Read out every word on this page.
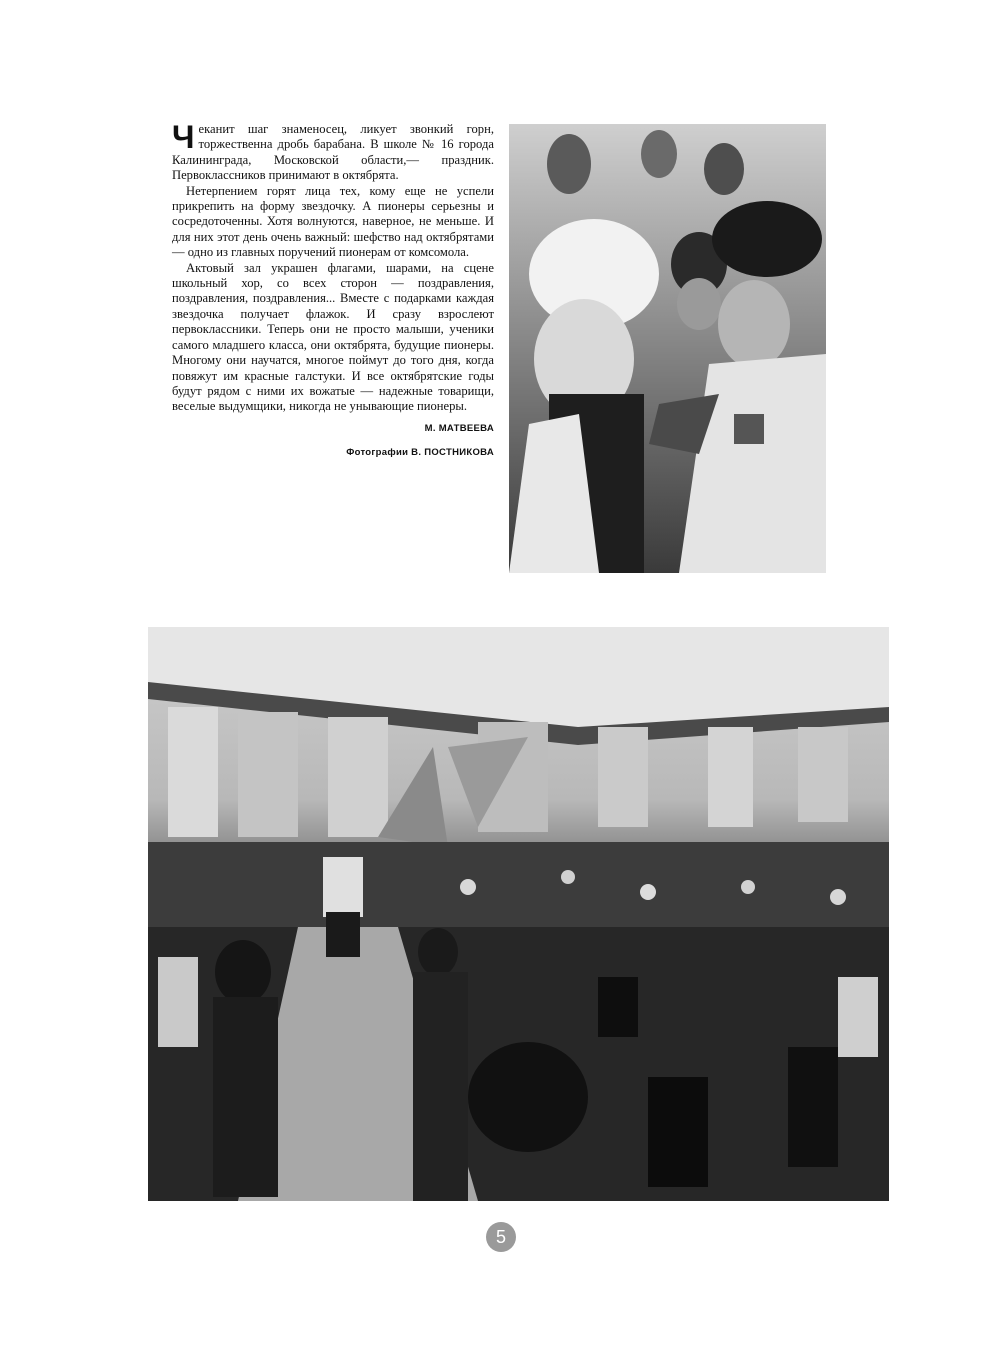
Чеканит шаг знаменосец, ликует звонкий горн, торжественна дробь барабана. В школе № 16 города Калининграда, Московской области,— праздник. Первоклассников принимают в октябрята.

Нетерпением горят лица тех, кому еще не успели прикрепить на форму звездочку. А пионеры серьезны и сосредоточенны. Хотя волнуются, наверное, не меньше. И для них этот день очень важный: шефство над октябрятами — одно из главных поручений пионерам от комсомола.

Актовый зал украшен флагами, шарами, на сцене школьный хор, со всех сторон — поздравления, поздравления, поздравления... Вместе с подарками каждая звездочка получает флажок. И сразу взрослеют первоклассники. Теперь они не просто малыши, ученики самого младшего класса, они октябрята, будущие пионеры. Многому они научатся, многое поймут до того дня, когда повяжут им красные галстуки. И все октябрятские годы будут рядом с ними их вожатые — надежные товарищи, веселые выдумщики, никогда не унывающие пионеры.

М. МАТВЕЕВА

Фотографии В. ПОСТНИКОВА

5
